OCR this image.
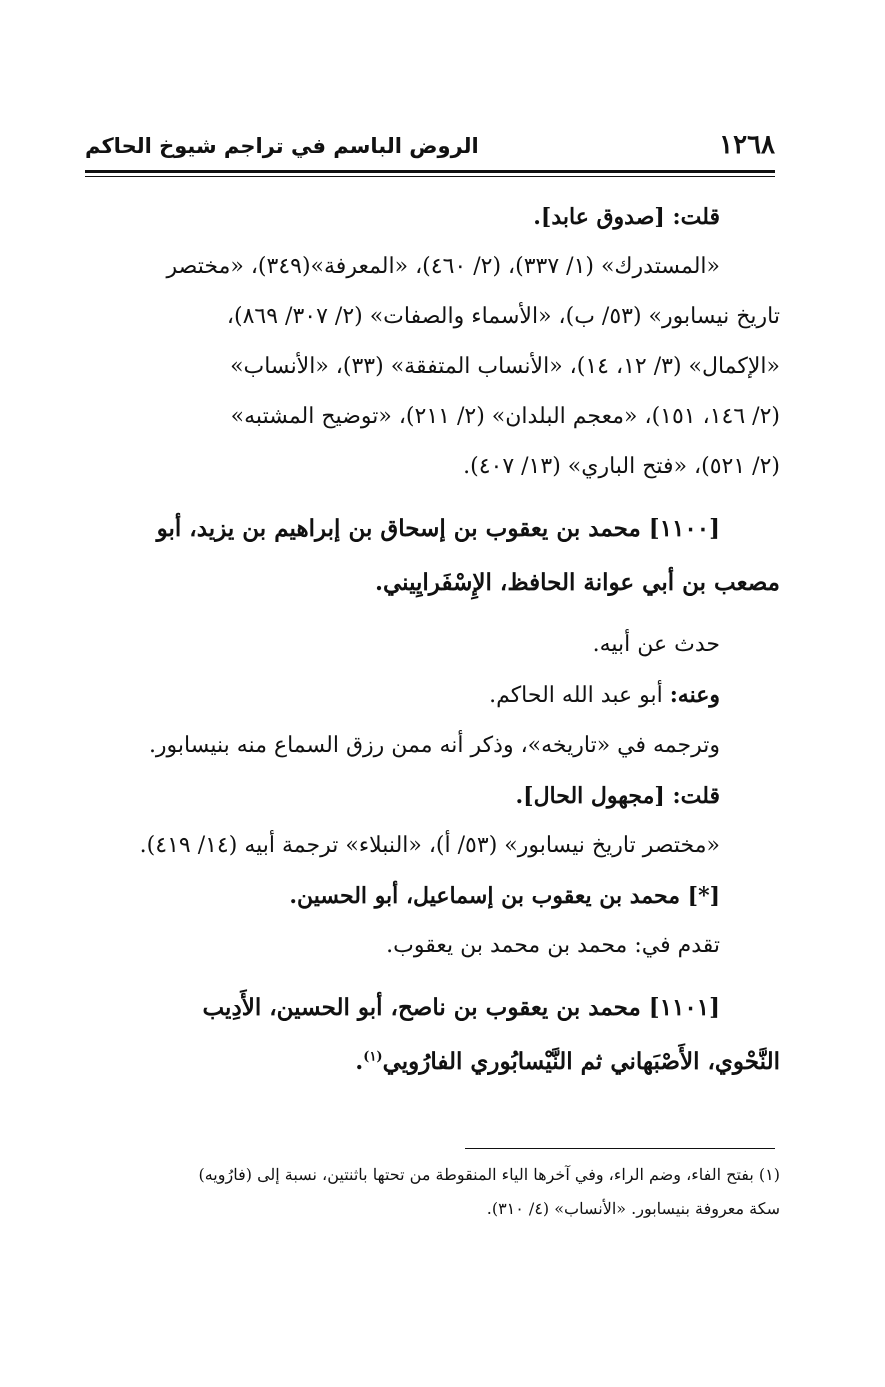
١٢٦٨
الروض الباسم في تراجم شيوخ الحاكم
قلت: [صدوق عابد].
«المستدرك» (١/ ٣٣٧)، (٢/ ٤٦٠)، «المعرفة»(٣٤٩)، «مختصر
تاريخ نيسابور» (٥٣/ ب)، «الأسماء والصفات» (٢/ ٣٠٧/ ٨٦٩)،
«الإكمال» (٣/ ١٢، ١٤)، «الأنساب المتفقة» (٣٣)، «الأنساب»
(٢/ ١٤٦، ١٥١)، «معجم البلدان» (٢/ ٢١١)، «توضيح المشتبه»
(٢/ ٥٢١)، «فتح الباري» (١٣/ ٤٠٧).
[١١٠٠] محمد بن يعقوب بن إسحاق بن إبراهيم بن يزيد، أبو
مصعب بن أبي عوانة الحافظ، الإِسْفَرايِيني.
حدث عن أبيه.
وعنه: أبو عبد الله الحاكم.
وترجمه في «تاريخه»، وذكر أنه ممن رزق السماع منه بنيسابور.
قلت: [مجهول الحال].
«مختصر تاريخ نيسابور» (٥٣/ أ)، «النبلاء» ترجمة أبيه (١٤/ ٤١٩).
[*] محمد بن يعقوب بن إسماعيل، أبو الحسين.
تقدم في: محمد بن محمد بن يعقوب.
[١١٠١] محمد بن يعقوب بن ناصح، أبو الحسين، الأَدِيب
النَّحْوي، الأَصْبَهاني ثم النَّيْسابُوري الفارُويي$^{(١)}$.
(١) بفتح الفاء، وضم الراء، وفي آخرها الياء المنقوطة من تحتها باثنتين، نسبة إلى (فارُويه)
سكة معروفة بنيسابور. «الأنساب» (٤/ ٣١٠).
